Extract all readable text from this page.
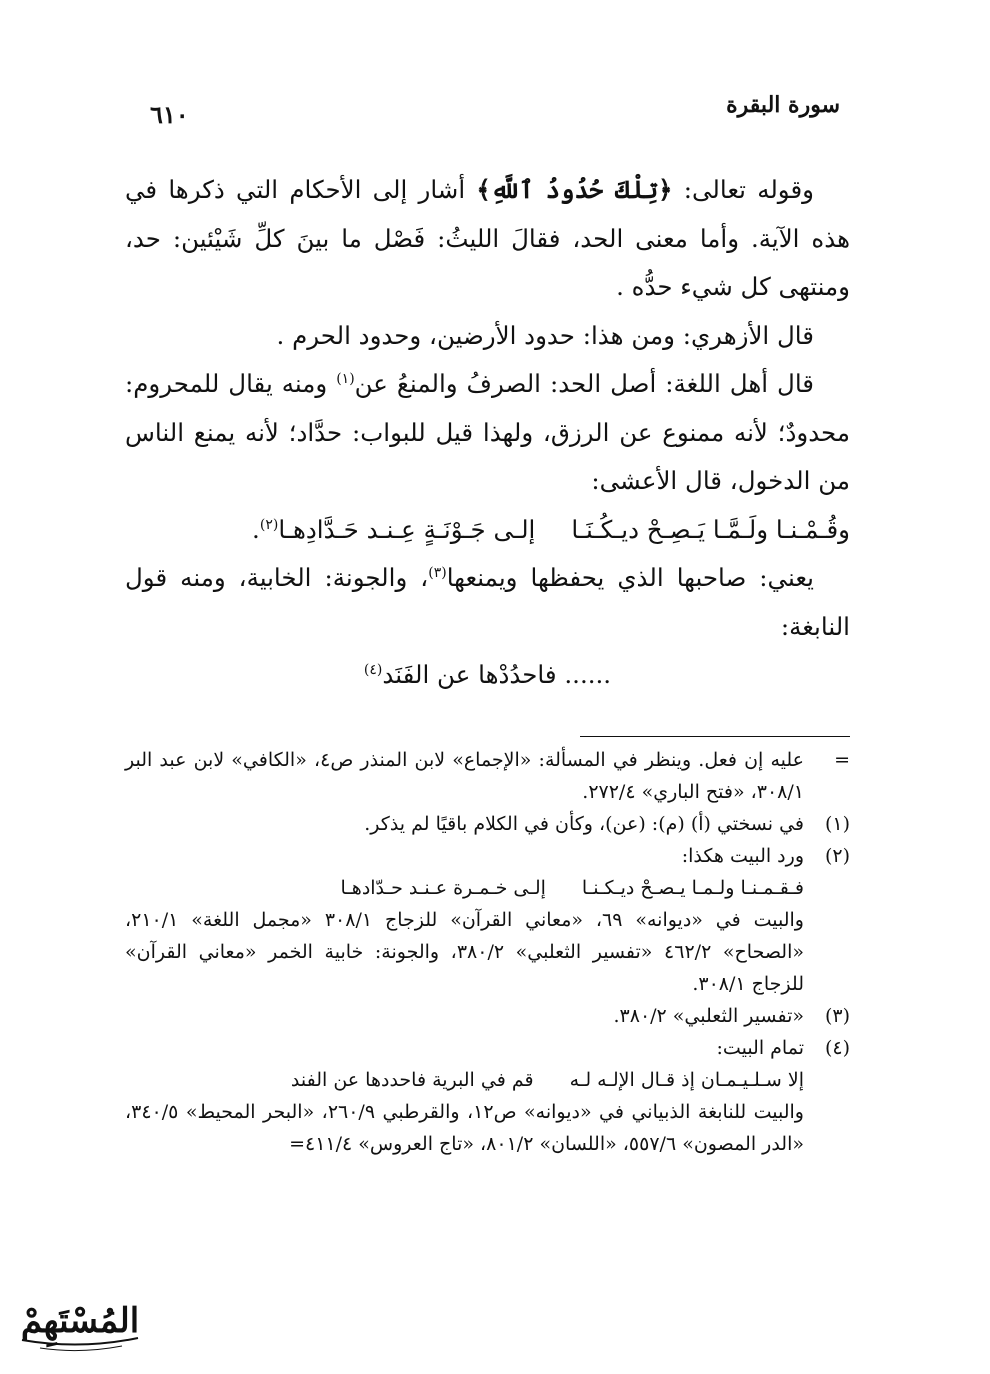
سورة البقرة
٦١٠

وقوله تعالى: ﴿تِلْكَ حُدُودُ ٱللَّهِ﴾ أشار إلى الأحكام التي ذكرها في هذه الآية. وأما معنى الحد، فقالَ الليثُ: فَصْل ما بينَ كلِّ شَيْئين: حد، ومنتهى كل شيء حدُّه .

قال الأزهري: ومن هذا: حدود الأرضين، وحدود الحرم .

قال أهل اللغة: أصل الحد: الصرفُ والمنعُ عن$^{(١)}$ ومنه يقال للمحروم: محدودٌ؛ لأنه ممنوع عن الرزق، ولهذا قيل للبواب: حدَّاد؛ لأنه يمنع الناس من الدخول، قال الأعشى:

وقُـمْـنـا ولَـمَّـا يَـصِـحْ ديـكُـنَـاإلـى جَـوْنَـةٍ عِـنـد حَـدَّادِهـا$^{(٢)}$.

يعني: صاحبها الذي يحفظها ويمنعها$^{(٣)}$، والجونة: الخابية، ومنه قول النابغة:

...... فاحدُدْها عن الفَنَد$^{(٤)}$

=
عليه إن فعل. وينظر في المسألة: «الإجماع» لابن المنذر ص٤، «الكافي» لابن عبد البر ٣٠٨/١، «فتح الباري» ٢٧٢/٤.
(١)
في نسختي (أ) (م): (عن)، وكأن في الكلام باقيًا لم يذكر.
(٢)
ورد البيت هكذا:

فـقـمـنـا ولـمـا يـصـحْ ديـكـنـاإلـى خـمـرة عـنـد حـدّادهـا

والبيت في «ديوانه» ٦٩، «معاني القرآن» للزجاج ٣٠٨/١ «مجمل اللغة» ٢١٠/١، «الصحاح» ٤٦٢/٢ «تفسير الثعلبي» ٣٨٠/٢، والجونة: خابية الخمر «معاني القرآن» للزجاج ٣٠٨/١.

(٣)
«تفسير الثعلبي» ٣٨٠/٢.
(٤)
تمام البيت:

إلا سـلـيـمـان إذ قـال الإلـه لـهقم في البرية فاحددها عن الفند

والبيت للنابغة الذبياني في «ديوانه» ص١٢، والقرطبي ٢٦٠/٩، «البحر المحيط» ٣٤٠/٥، «الدر المصون» ٥٥٧/٦، «اللسان» ٨٠١/٢، «تاج العروس» ٤١١/٤=

المُسْتَهِمْ
